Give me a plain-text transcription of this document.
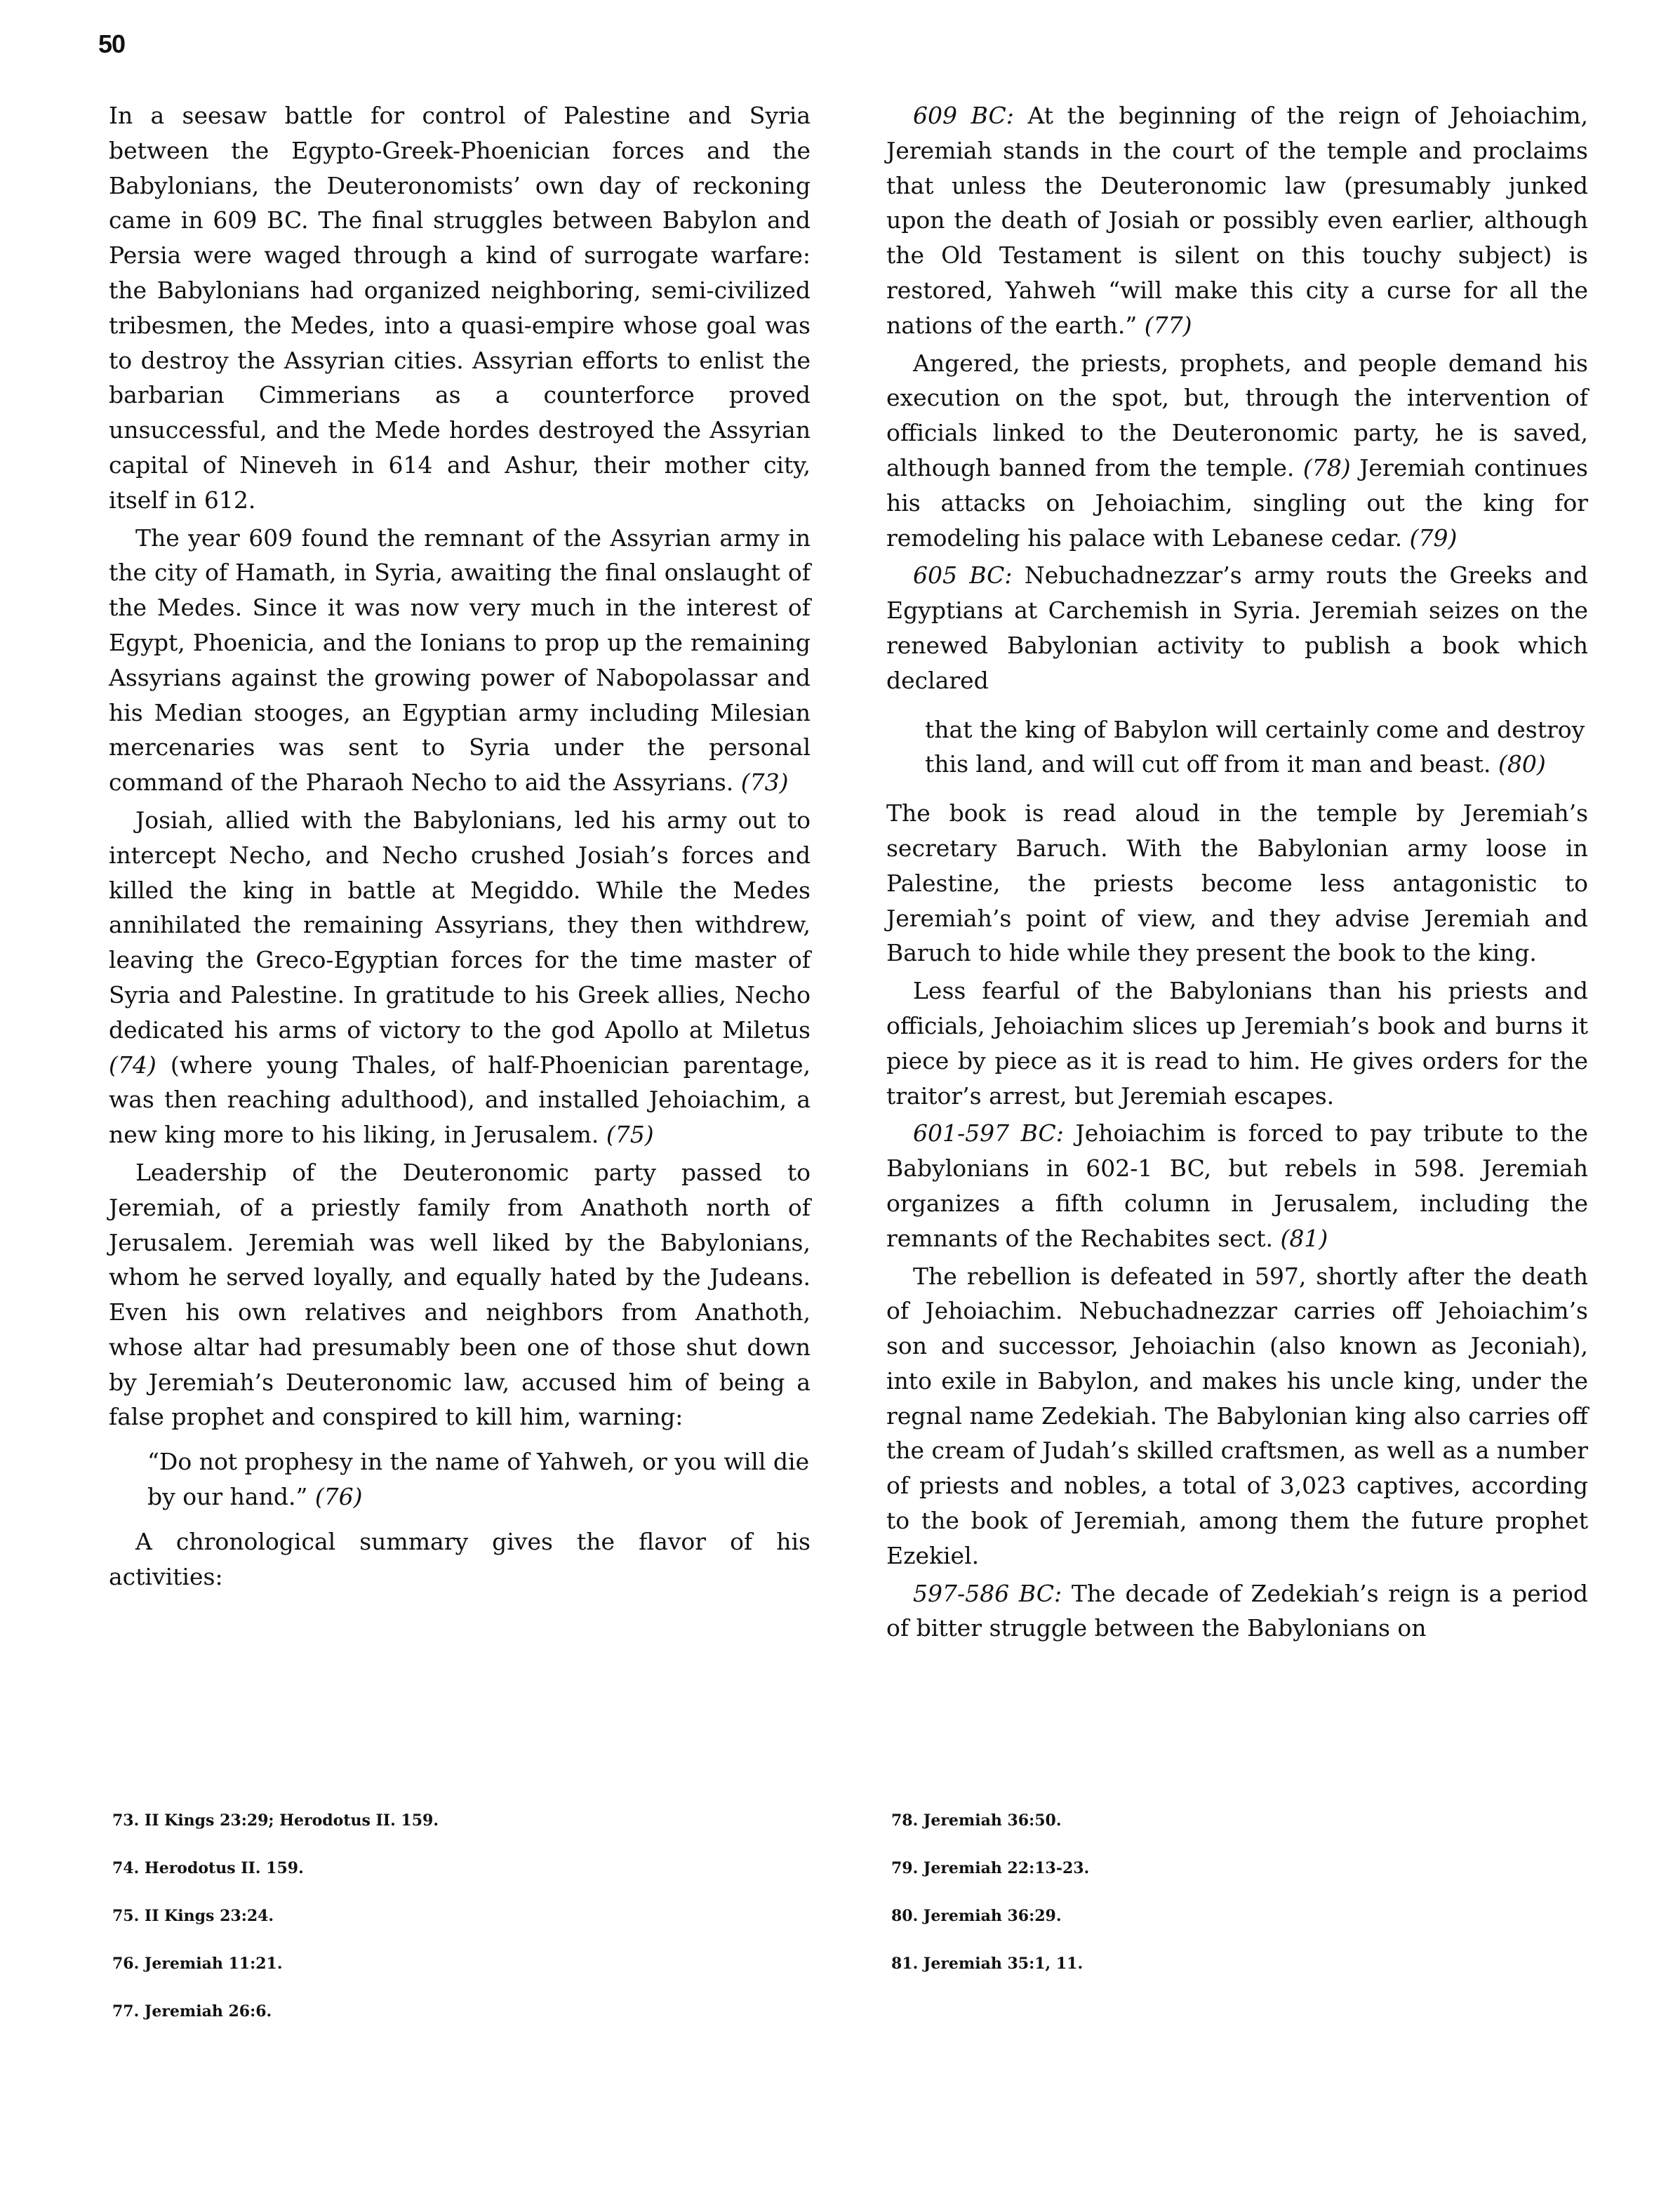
50

In a seesaw battle for control of Palestine and Syria between the Egypto-Greek-Phoenician forces and the Babylonians, the Deuteronomists’ own day of reckoning came in 609 BC. The final struggles between Babylon and Persia were waged through a kind of surrogate warfare: the Babylonians had organized neighboring, semi-civilized tribesmen, the Medes, into a quasi-empire whose goal was to destroy the Assyrian cities. Assyrian efforts to enlist the barbarian Cimmerians as a counterforce proved unsuccessful, and the Mede hordes destroyed the Assyrian capital of Nineveh in 614 and Ashur, their mother city, itself in 612.

The year 609 found the remnant of the Assyrian army in the city of Hamath, in Syria, awaiting the final onslaught of the Medes. Since it was now very much in the interest of Egypt, Phoenicia, and the Ionians to prop up the remaining Assyrians against the growing power of Nabopolassar and his Median stooges, an Egyptian army including Milesian mercenaries was sent to Syria under the personal command of the Pharaoh Necho to aid the Assyrians. (73)

Josiah, allied with the Babylonians, led his army out to intercept Necho, and Necho crushed Josiah’s forces and killed the king in battle at Megiddo. While the Medes annihilated the remaining Assyrians, they then withdrew, leaving the Greco-Egyptian forces for the time master of Syria and Palestine. In gratitude to his Greek allies, Necho dedicated his arms of victory to the god Apollo at Miletus (74) (where young Thales, of half-Phoenician parentage, was then reaching adulthood), and installed Jehoiachim, a new king more to his liking, in Jerusalem. (75)

Leadership of the Deuteronomic party passed to Jeremiah, of a priestly family from Anathoth north of Jerusalem. Jeremiah was well liked by the Babylonians, whom he served loyally, and equally hated by the Judeans. Even his own relatives and neighbors from Anathoth, whose altar had presumably been one of those shut down by Jeremiah’s Deuteronomic law, accused him of being a false prophet and conspired to kill him, warning:

“Do not prophesy in the name of Yahweh, or you will die by our hand.” (76)

A chronological summary gives the flavor of his activities:

609 BC: At the beginning of the reign of Jehoiachim, Jeremiah stands in the court of the temple and proclaims that unless the Deuteronomic law (presumably junked upon the death of Josiah or possibly even earlier, although the Old Testament is silent on this touchy subject) is restored, Yahweh “will make this city a curse for all the nations of the earth.” (77)

Angered, the priests, prophets, and people demand his execution on the spot, but, through the intervention of officials linked to the Deuteronomic party, he is saved, although banned from the temple. (78) Jeremiah continues his attacks on Jehoiachim, singling out the king for remodeling his palace with Lebanese cedar. (79)

605 BC: Nebuchadnezzar’s army routs the Greeks and Egyptians at Carchemish in Syria. Jeremiah seizes on the renewed Babylonian activity to publish a book which declared

that the king of Babylon will certainly come and destroy this land, and will cut off from it man and beast. (80)

The book is read aloud in the temple by Jeremiah’s secretary Baruch. With the Babylonian army loose in Palestine, the priests become less antagonistic to Jeremiah’s point of view, and they advise Jeremiah and Baruch to hide while they present the book to the king.

Less fearful of the Babylonians than his priests and officials, Jehoiachim slices up Jeremiah’s book and burns it piece by piece as it is read to him. He gives orders for the traitor’s arrest, but Jeremiah escapes.

601-597 BC: Jehoiachim is forced to pay tribute to the Babylonians in 602-1 BC, but rebels in 598. Jeremiah organizes a fifth column in Jerusalem, including the remnants of the Rechabites sect. (81)

The rebellion is defeated in 597, shortly after the death of Jehoiachim. Nebuchadnezzar carries off Jehoiachim’s son and successor, Jehoiachin (also known as Jeconiah), into exile in Babylon, and makes his uncle king, under the regnal name Zedekiah. The Babylonian king also carries off the cream of Judah’s skilled craftsmen, as well as a number of priests and nobles, a total of 3,023 captives, according to the book of Jeremiah, among them the future prophet Ezekiel.

597-586 BC: The decade of Zedekiah’s reign is a period of bitter struggle between the Babylonians on

73. II Kings 23:29; Herodotus II. 159.
74. Herodotus II. 159.
75. II Kings 23:24.
76. Jeremiah 11:21.
77. Jeremiah 26:6.
78. Jeremiah 36:50.
79. Jeremiah 22:13-23.
80. Jeremiah 36:29.
81. Jeremiah 35:1, 11.
